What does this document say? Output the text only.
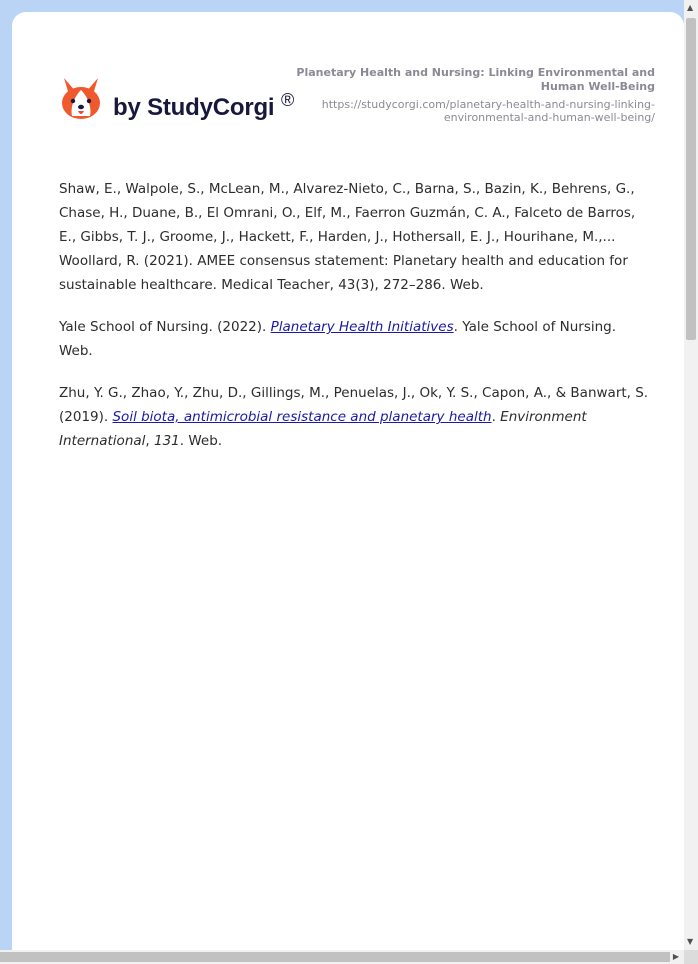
by StudyCorgi ®
Planetary Health and Nursing: Linking Environmental and Human Well-Being
https://studycorgi.com/planetary-health-and-nursing-linking-environmental-and-human-well-being/

Shaw, E., Walpole, S., McLean, M., Alvarez-Nieto, C., Barna, S., Bazin, K., Behrens, G., Chase, H., Duane, B., El Omrani, O., Elf, M., Faerron Guzmán, C. A., Falceto de Barros, E., Gibbs, T. J., Groome, J., Hackett, F., Harden, J., Hothersall, E. J., Hourihane, M.,... Woollard, R. (2021). AMEE consensus statement: Planetary health and education for sustainable healthcare. Medical Teacher, 43(3), 272–286. Web.

Yale School of Nursing. (2022). Planetary Health Initiatives. Yale School of Nursing. Web.

Zhu, Y. G., Zhao, Y., Zhu, D., Gillings, M., Penuelas, J., Ok, Y. S., Capon, A., & Banwart, S. (2019). Soil biota, antimicrobial resistance and planetary health. Environment International, 131. Web.

▲
▼
▶
